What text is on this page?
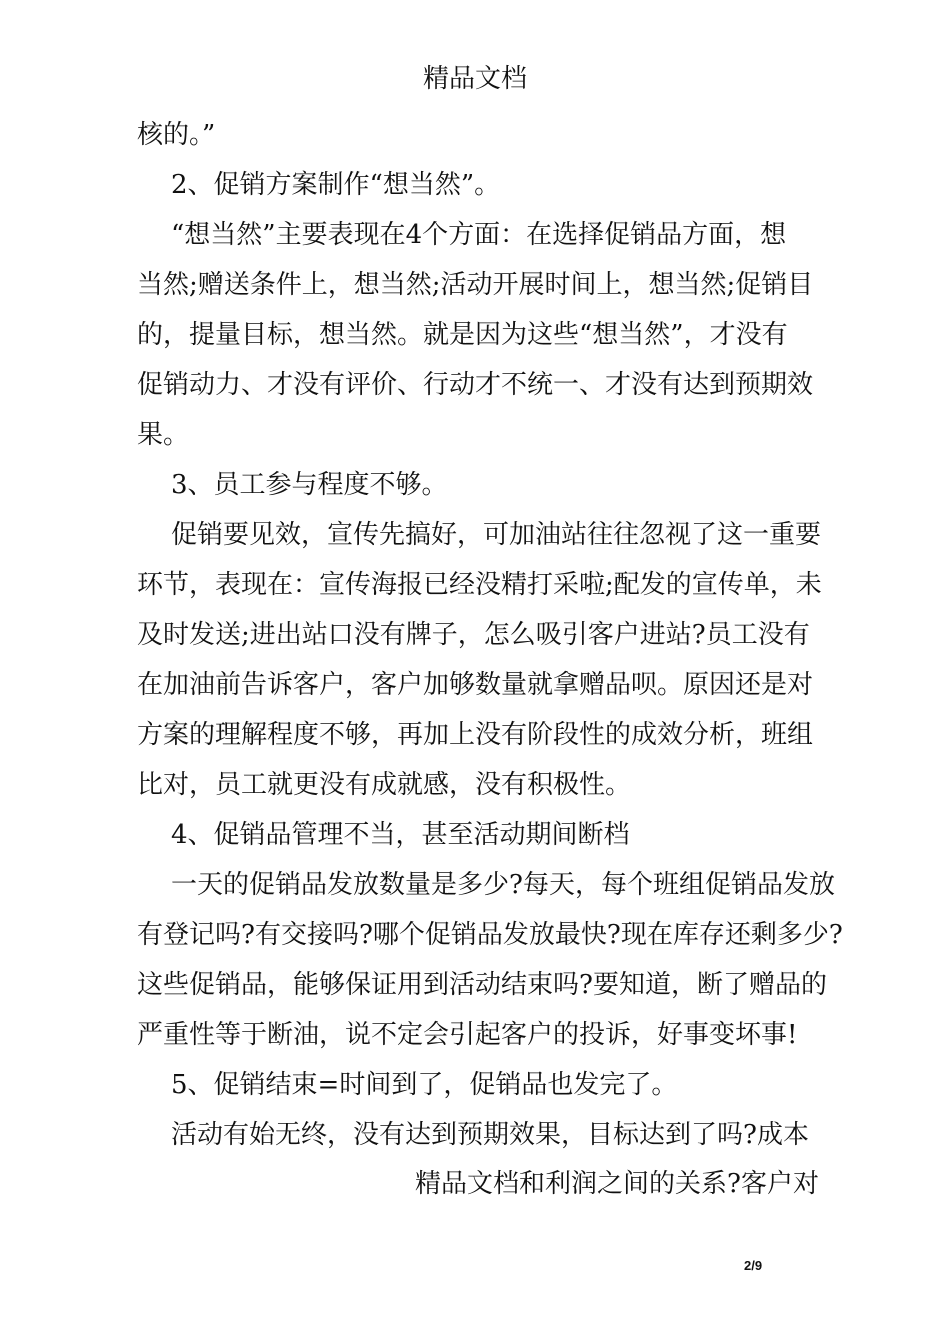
精品文档
核的。”
2、促销方案制作“想当然”。
“想当然”主要表现在4个方面：在选择促销品方面，想
当然;赠送条件上，想当然;活动开展时间上，想当然;促销目
的，提量目标，想当然。就是因为这些“想当然”，才没有
促销动力、才没有评价、行动才不统一、才没有达到预期效
果。
3、员工参与程度不够。
促销要见效，宣传先搞好，可加油站往往忽视了这一重要
环节，表现在：宣传海报已经没精打采啦;配发的宣传单，未
及时发送;进出站口没有牌子，怎么吸引客户进站?员工没有
在加油前告诉客户，客户加够数量就拿赠品呗。原因还是对
方案的理解程度不够，再加上没有阶段性的成效分析，班组
比对，员工就更没有成就感，没有积极性。
4、促销品管理不当，甚至活动期间断档
一天的促销品发放数量是多少?每天，每个班组促销品发放
有登记吗?有交接吗?哪个促销品发放最快?现在库存还剩多少?
这些促销品，能够保证用到活动结束吗?要知道，断了赠品的
严重性等于断油，说不定会引起客户的投诉，好事变坏事!
5、促销结束=时间到了，促销品也发完了。
活动有始无终，没有达到预期效果，目标达到了吗?成本
精品文档和利润之间的关系?客户对
2/9
